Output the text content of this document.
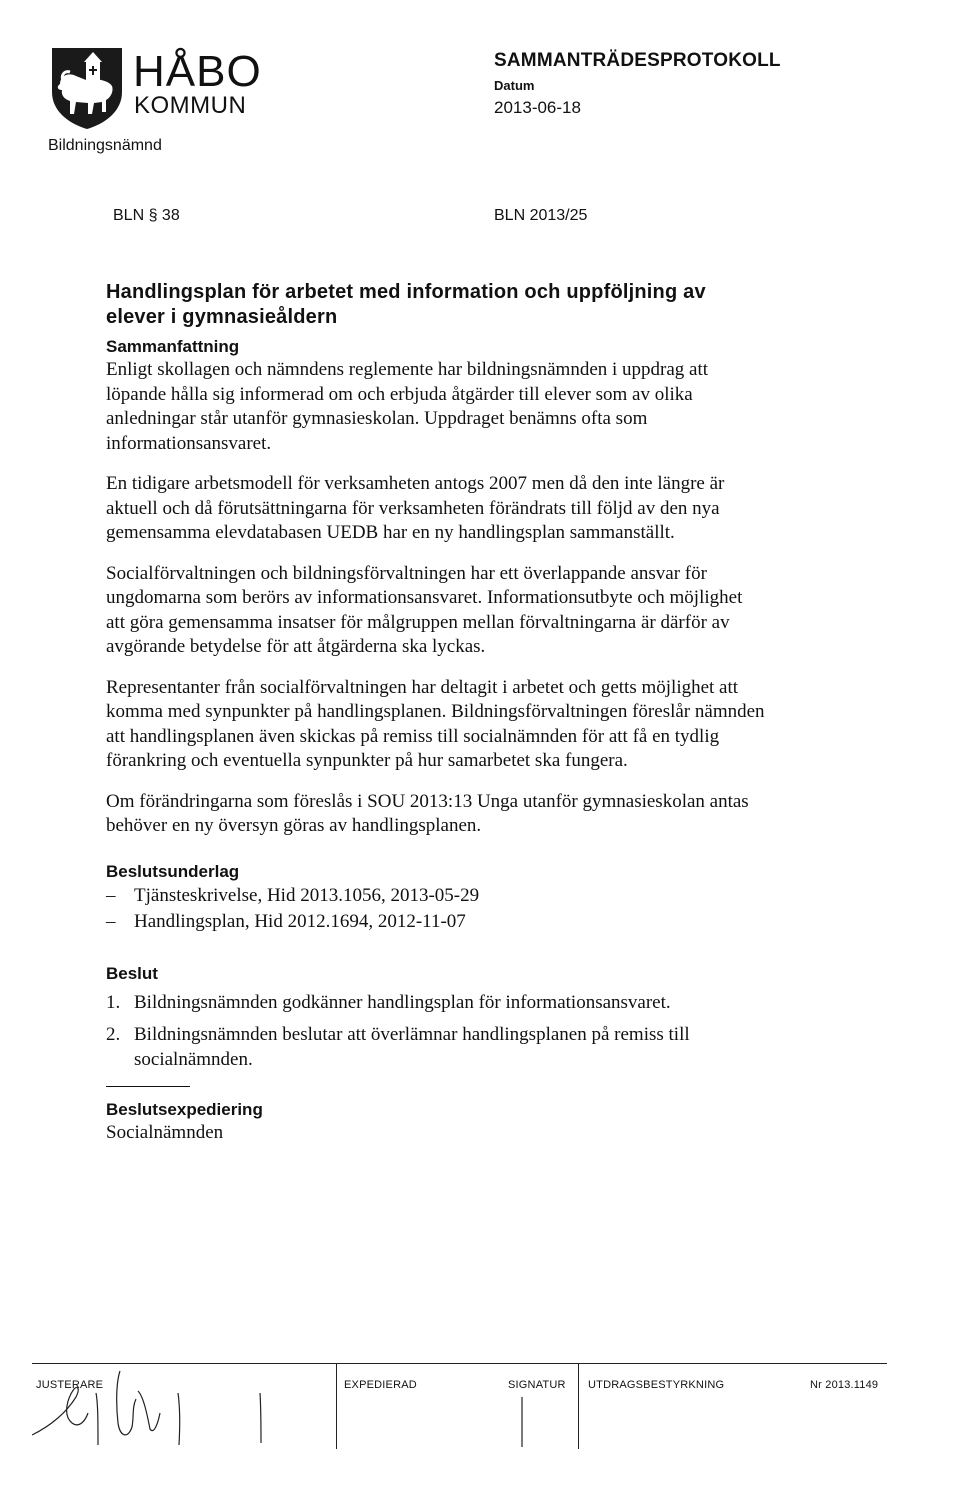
HÅBO
KOMMUN
Bildningsnämnd
SAMMANTRÄDESPROTOKOLL
Datum
2013-06-18
BLN § 38	BLN 2013/25
Handlingsplan för arbetet med information och uppföljning av elever i gymnasieåldern
Sammanfattning

Enligt skollagen och nämndens reglemente har bildningsnämnden i uppdrag att löpande hålla sig informerad om och erbjuda åtgärder till elever som av olika anledningar står utanför gymnasieskolan. Uppdraget benämns ofta som informationsansvaret.

En tidigare arbetsmodell för verksamheten antogs 2007 men då den inte längre är aktuell och då förutsättningarna för verksamheten förändrats till följd av den nya gemensamma elevdatabasen UEDB har en ny handlingsplan sammanställt.

Socialförvaltningen och bildningsförvaltningen har ett överlappande ansvar för ungdomarna som berörs av informationsansvaret. Informationsutbyte och möjlighet att göra gemensamma insatser för målgruppen mellan förvaltningarna är därför av avgörande betydelse för att åtgärderna ska lyckas.

Representanter från socialförvaltningen har deltagit i arbetet och getts möjlighet att komma med synpunkter på handlingsplanen. Bildningsförvaltningen föreslår nämnden att handlingsplanen även skickas på remiss till socialnämnden för att få en tydlig förankring och eventuella synpunkter på hur samarbetet ska fungera.

Om förändringarna som föreslås i SOU 2013:13 Unga utanför gymnasieskolan antas behöver en ny översyn göras av handlingsplanen.

Beslutsunderlag
– Tjänsteskrivelse, Hid 2013.1056, 2013-05-29
– Handlingsplan, Hid 2012.1694, 2012-11-07
Beslut
1. Bildningsnämnden godkänner handlingsplan för informationsansvaret.
2. Bildningsnämnden beslutar att överlämnar handlingsplanen på remiss till socialnämnden.
Beslutsexpediering

Socialnämnden

JUSTERARE	EXPEDIERAD	SIGNATUR UTDRAGSBESTYRKNING	Nr 2013.1149
